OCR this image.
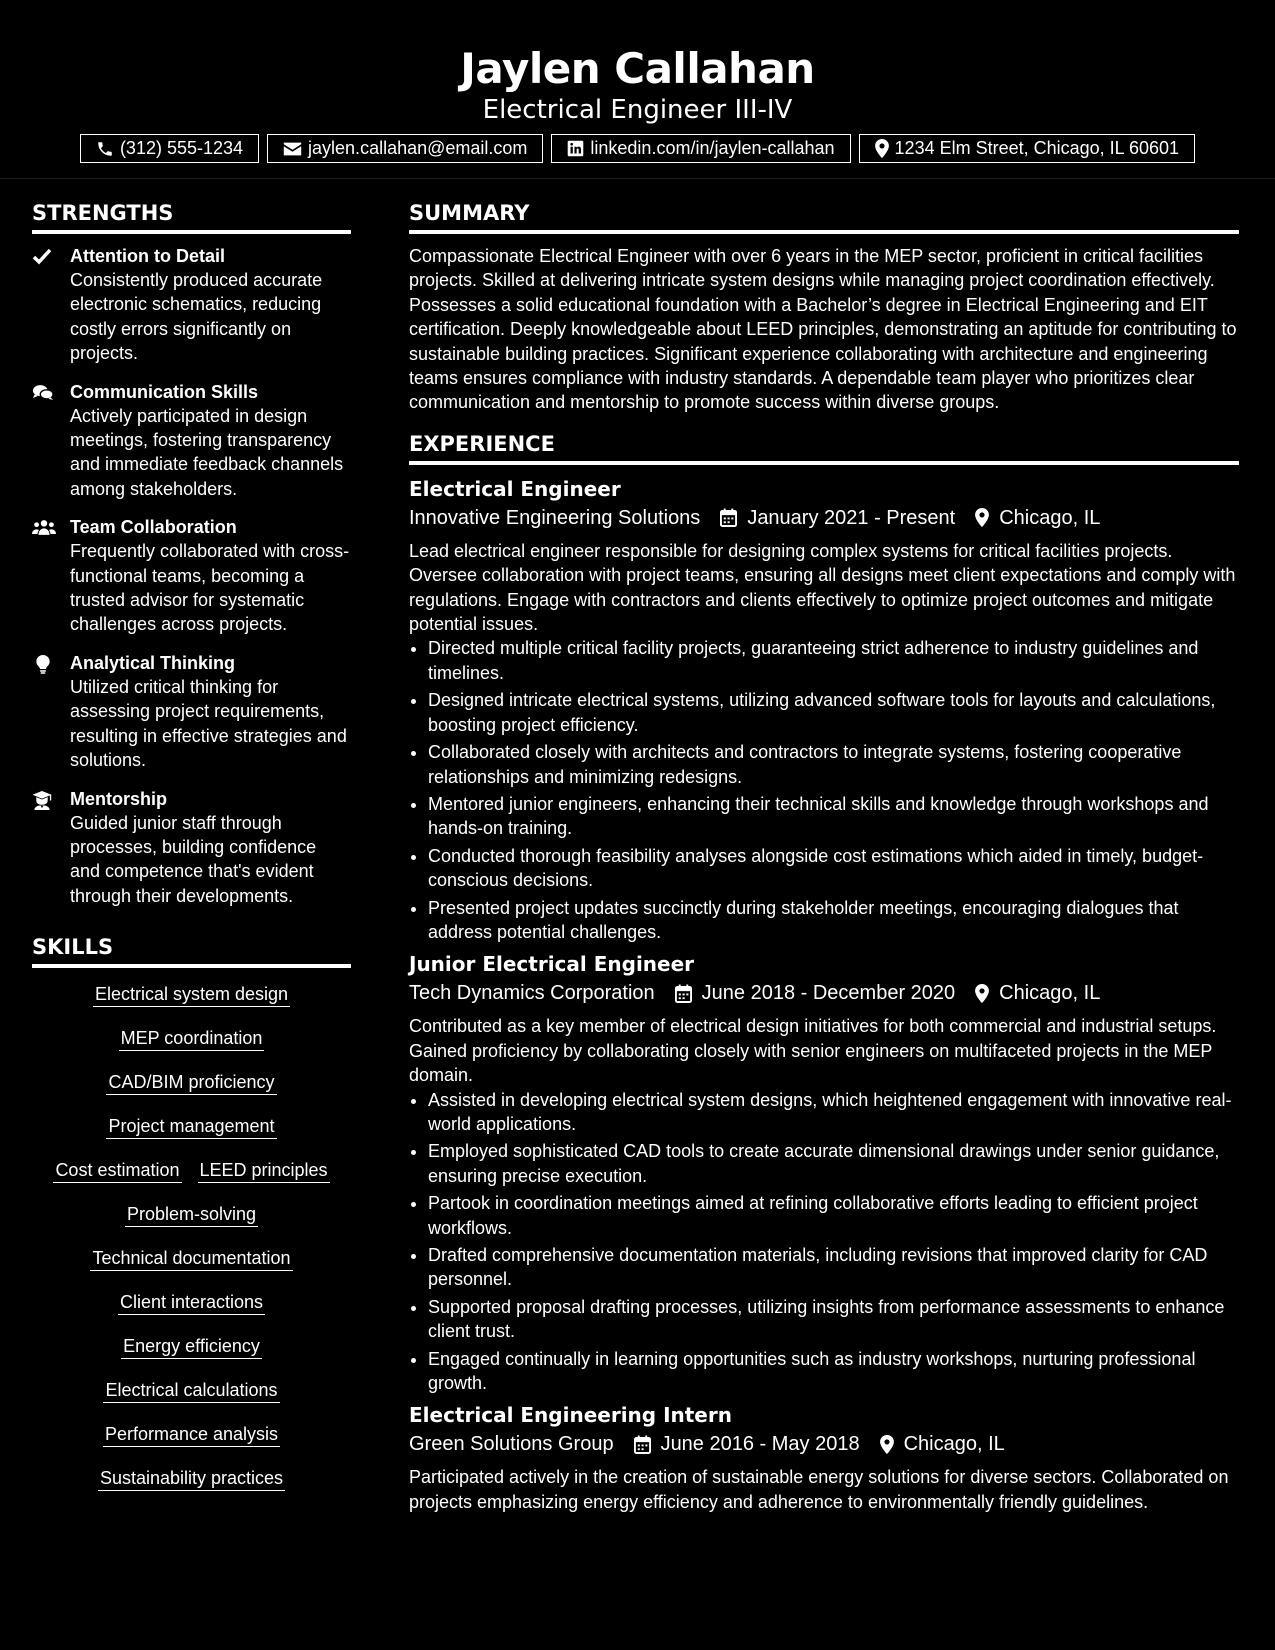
Jaylen Callahan
Electrical Engineer III-IV
(312) 555-1234	jaylen.callahan@email.com	linkedin.com/in/jaylen-callahan	1234 Elm Street, Chicago, IL 60601
STRENGTHS
Attention to Detail
Consistently produced accurate electronic schematics, reducing costly errors significantly on projects.
Communication Skills
Actively participated in design meetings, fostering transparency and immediate feedback channels among stakeholders.
Team Collaboration
Frequently collaborated with cross-functional teams, becoming a trusted advisor for systematic challenges across projects.
Analytical Thinking
Utilized critical thinking for assessing project requirements, resulting in effective strategies and solutions.
Mentorship
Guided junior staff through processes, building confidence and competence that's evident through their developments.
SKILLS
Electrical system design
MEP coordination
CAD/BIM proficiency
Project management
Cost estimation LEED principles
Problem-solving
Technical documentation
Client interactions
Energy efficiency
Electrical calculations
Performance analysis
Sustainability practices
SUMMARY

Compassionate Electrical Engineer with over 6 years in the MEP sector, proficient in critical facilities projects. Skilled at delivering intricate system designs while managing project coordination effectively. Possesses a solid educational foundation with a Bachelor’s degree in Electrical Engineering and EIT certification. Deeply knowledgeable about LEED principles, demonstrating an aptitude for contributing to sustainable building practices. Significant experience collaborating with architecture and engineering teams ensures compliance with industry standards. A dependable team player who prioritizes clear communication and mentorship to promote success within diverse groups.

EXPERIENCE
Electrical Engineer
Innovative Engineering Solutions January 2021 - Present Chicago, IL
Lead electrical engineer responsible for designing complex systems for critical facilities projects. Oversee collaboration with project teams, ensuring all designs meet client expectations and comply with regulations. Engage with contractors and clients effectively to optimize project outcomes and mitigate potential issues.
• Directed multiple critical facility projects, guaranteeing strict adherence to industry guidelines and timelines.
• Designed intricate electrical systems, utilizing advanced software tools for layouts and calculations, boosting project efficiency.
• Collaborated closely with architects and contractors to integrate systems, fostering cooperative relationships and minimizing redesigns.
• Mentored junior engineers, enhancing their technical skills and knowledge through workshops and hands-on training.
• Conducted thorough feasibility analyses alongside cost estimations which aided in timely, budget-conscious decisions.
• Presented project updates succinctly during stakeholder meetings, encouraging dialogues that address potential challenges.
Junior Electrical Engineer
Tech Dynamics Corporation June 2018 - December 2020 Chicago, IL
Contributed as a key member of electrical design initiatives for both commercial and industrial setups. Gained proficiency by collaborating closely with senior engineers on multifaceted projects in the MEP domain.
• Assisted in developing electrical system designs, which heightened engagement with innovative real-world applications.
• Employed sophisticated CAD tools to create accurate dimensional drawings under senior guidance, ensuring precise execution.
• Partook in coordination meetings aimed at refining collaborative efforts leading to efficient project workflows.
• Drafted comprehensive documentation materials, including revisions that improved clarity for CAD personnel.
• Supported proposal drafting processes, utilizing insights from performance assessments to enhance client trust.
• Engaged continually in learning opportunities such as industry workshops, nurturing professional growth.
Electrical Engineering Intern
Green Solutions Group June 2016 - May 2018 Chicago, IL
Participated actively in the creation of sustainable energy solutions for diverse sectors. Collaborated on projects emphasizing energy efficiency and adherence to environmentally friendly guidelines.
